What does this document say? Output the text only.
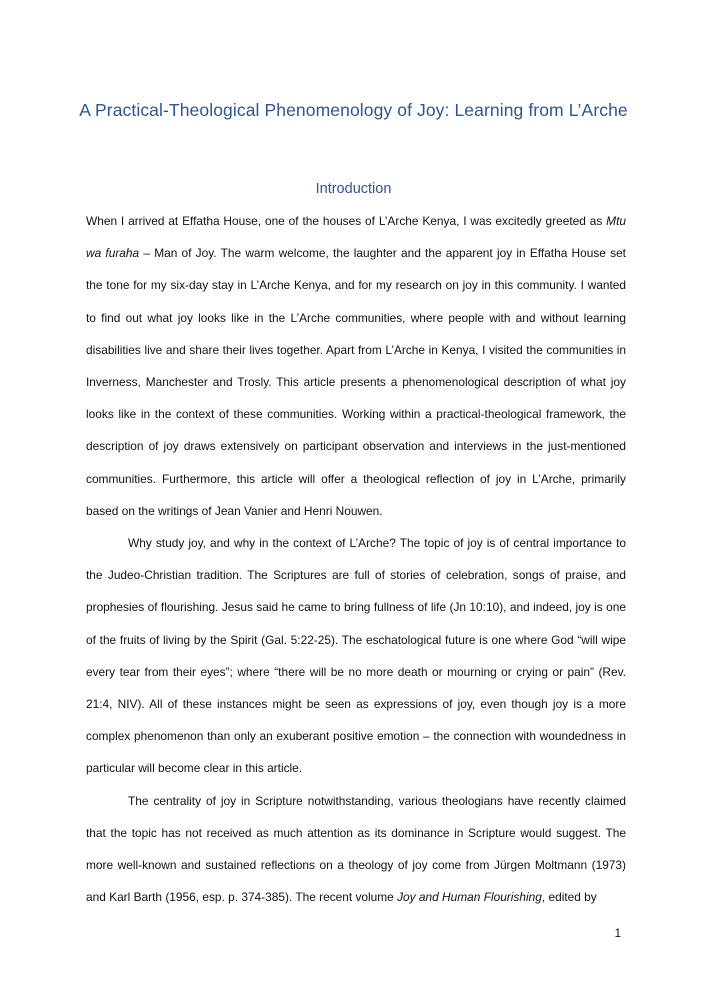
A Practical-Theological Phenomenology of Joy: Learning from L’Arche
Introduction

When I arrived at Effatha House, one of the houses of L’Arche Kenya, I was excitedly greeted as Mtu wa furaha – Man of Joy. The warm welcome, the laughter and the apparent joy in Effatha House set the tone for my six-day stay in L’Arche Kenya, and for my research on joy in this community. I wanted to find out what joy looks like in the L’Arche communities, where people with and without learning disabilities live and share their lives together. Apart from L’Arche in Kenya, I visited the communities in Inverness, Manchester and Trosly. This article presents a phenomenological description of what joy looks like in the context of these communities. Working within a practical-theological framework, the description of joy draws extensively on participant observation and interviews in the just-mentioned communities. Furthermore, this article will offer a theological reflection of joy in L’Arche, primarily based on the writings of Jean Vanier and Henri Nouwen.

Why study joy, and why in the context of L’Arche? The topic of joy is of central importance to the Judeo-Christian tradition. The Scriptures are full of stories of celebration, songs of praise, and prophesies of flourishing. Jesus said he came to bring fullness of life (Jn 10:10), and indeed, joy is one of the fruits of living by the Spirit (Gal. 5:22-25). The eschatological future is one where God “will wipe every tear from their eyes”; where “there will be no more death or mourning or crying or pain” (Rev. 21:4, NIV). All of these instances might be seen as expressions of joy, even though joy is a more complex phenomenon than only an exuberant positive emotion – the connection with woundedness in particular will become clear in this article.

The centrality of joy in Scripture notwithstanding, various theologians have recently claimed that the topic has not received as much attention as its dominance in Scripture would suggest. The more well-known and sustained reflections on a theology of joy come from Jürgen Moltmann (1973) and Karl Barth (1956, esp. p. 374-385). The recent volume Joy and Human Flourishing, edited by

1
